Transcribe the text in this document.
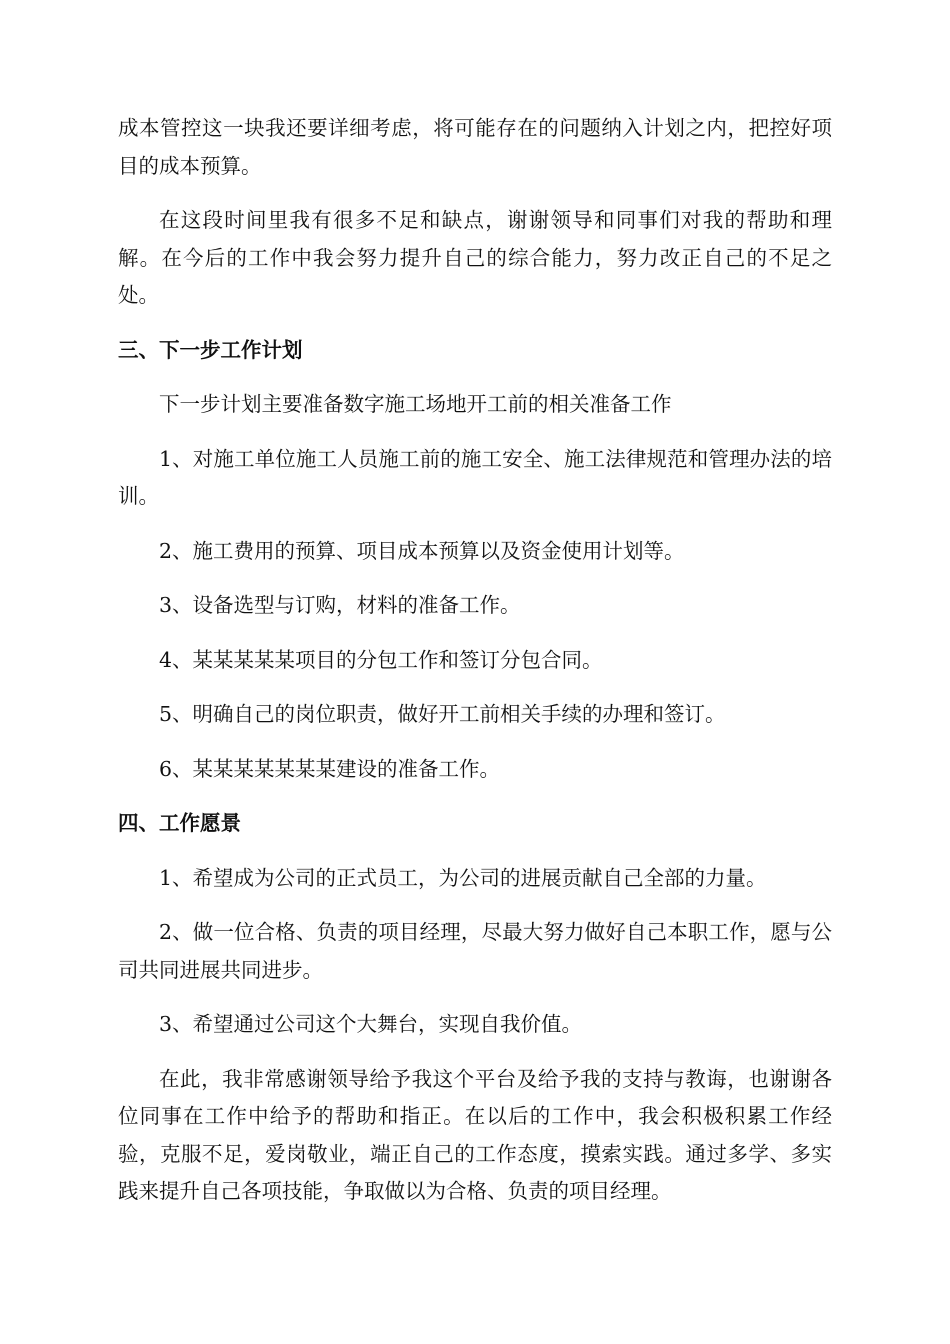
成本管控这一块我还要详细考虑，将可能存在的问题纳入计划之内，把控好项目的成本预算。

在这段时间里我有很多不足和缺点，谢谢领导和同事们对我的帮助和理解。在今后的工作中我会努力提升自己的综合能力，努力改正自己的不足之处。

三、下一步工作计划

下一步计划主要准备数字施工场地开工前的相关准备工作

1、对施工单位施工人员施工前的施工安全、施工法律规范和管理办法的培训。

2、施工费用的预算、项目成本预算以及资金使用计划等。

3、设备选型与订购，材料的准备工作。

4、某某某某某项目的分包工作和签订分包合同。

5、明确自己的岗位职责，做好开工前相关手续的办理和签订。

6、某某某某某某某建设的准备工作。

四、工作愿景

1、希望成为公司的正式员工，为公司的进展贡献自己全部的力量。

2、做一位合格、负责的项目经理，尽最大努力做好自己本职工作，愿与公司共同进展共同进步。

3、希望通过公司这个大舞台，实现自我价值。

在此，我非常感谢领导给予我这个平台及给予我的支持与教诲，也谢谢各位同事在工作中给予的帮助和指正。在以后的工作中，我会积极积累工作经验，克服不足，爱岗敬业，端正自己的工作态度，摸索实践。通过多学、多实践来提升自己各项技能，争取做以为合格、负责的项目经理。
